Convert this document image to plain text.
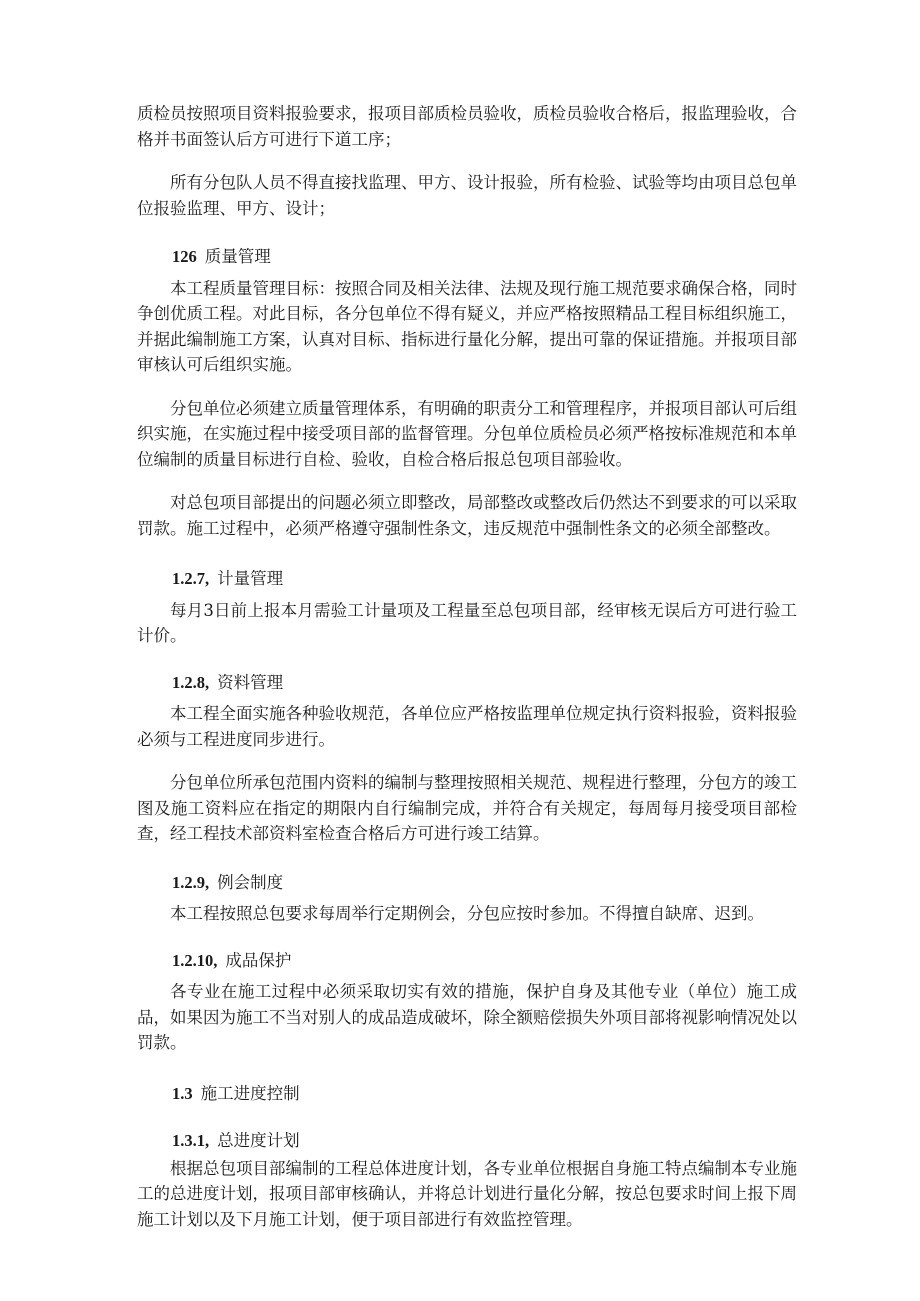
质检员按照项目资料报验要求，报项目部质检员验收，质检员验收合格后，报监理验收，合格并书面签认后方可进行下道工序；

所有分包队人员不得直接找监理、甲方、设计报验，所有检验、试验等均由项目总包单位报验监理、甲方、设计；

126 质量管理

本工程质量管理目标：按照合同及相关法律、法规及现行施工规范要求确保合格，同时争创优质工程。对此目标，各分包单位不得有疑义，并应严格按照精品工程目标组织施工，并据此编制施工方案，认真对目标、指标进行量化分解，提出可靠的保证措施。并报项目部审核认可后组织实施。

分包单位必须建立质量管理体系，有明确的职责分工和管理程序，并报项目部认可后组织实施，在实施过程中接受项目部的监督管理。分包单位质检员必须严格按标准规范和本单位编制的质量目标进行自检、验收，自检合格后报总包项目部验收。

对总包项目部提出的问题必须立即整改，局部整改或整改后仍然达不到要求的可以采取罚款。施工过程中，必须严格遵守强制性条文，违反规范中强制性条文的必须全部整改。

1.2.7, 计量管理

每月3日前上报本月需验工计量项及工程量至总包项目部，经审核无误后方可进行验工计价。

1.2.8, 资料管理

本工程全面实施各种验收规范，各单位应严格按监理单位规定执行资料报验，资料报验必须与工程进度同步进行。

分包单位所承包范围内资料的编制与整理按照相关规范、规程进行整理，分包方的竣工图及施工资料应在指定的期限内自行编制完成，并符合有关规定，每周每月接受项目部检查，经工程技术部资料室检查合格后方可进行竣工结算。

1.2.9, 例会制度

本工程按照总包要求每周举行定期例会，分包应按时参加。不得擅自缺席、迟到。

1.2.10, 成品保护

各专业在施工过程中必须采取切实有效的措施，保护自身及其他专业（单位）施工成品，如果因为施工不当对别人的成品造成破坏，除全额赔偿损失外项目部将视影响情况处以罚款。

1.3 施工进度控制
1.3.1, 总进度计划

根据总包项目部编制的工程总体进度计划，各专业单位根据自身施工特点编制本专业施工的总进度计划，报项目部审核确认，并将总计划进行量化分解，按总包要求时间上报下周施工计划以及下月施工计划，便于项目部进行有效监控管理。
